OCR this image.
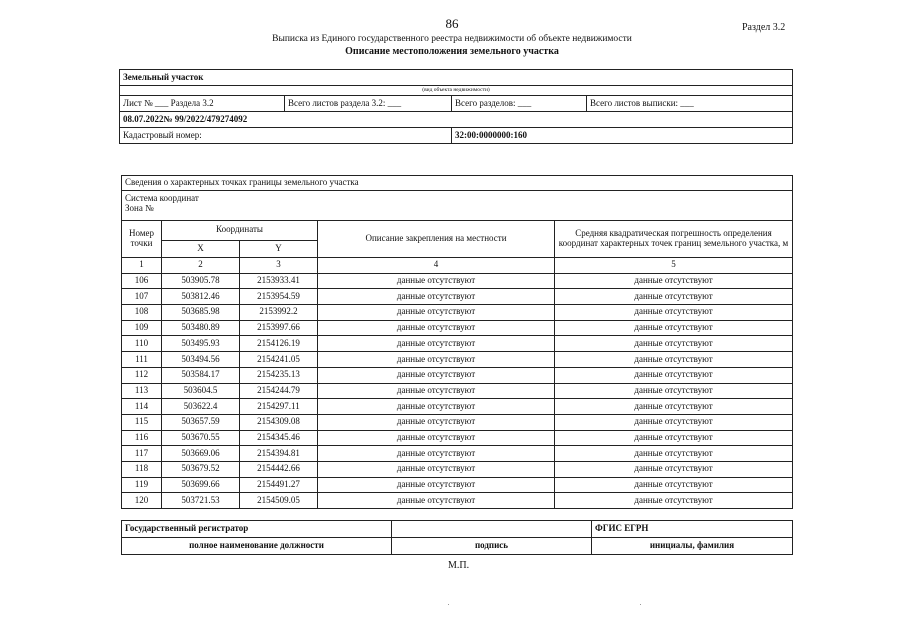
86	Раздел 3.2
Выписка из Единого государственного реестра недвижимости об объекте недвижимости
Описание местоположения земельного участка
Земельный участок			
(вид объекта недвижимости)			
Лист № ___ Раздела 3.2	Всего листов раздела 3.2: ___	Всего разделов: ___	Всего листов выписки: ___
08.07.2022№ 99/2022/479274092			
Кадастровый номер:		32:00:0000000:160	
Сведения о характерных точках границы земельного участка				

Система координат
Зона №				

Номер точки	Координаты		Описание закрепления на местности	Средняя квадратическая погрешность определения координат характерных точек границ земельного участка, м
	X	Y		
1	2	3	4	5
106	503905.78	2153933.41	данные отсутствуют	данные отсутствуют
107	503812.46	2153954.59	данные отсутствуют	данные отсутствуют
108	503685.98	2153992.2	данные отсутствуют	данные отсутствуют
109	503480.89	2153997.66	данные отсутствуют	данные отсутствуют
110	503495.93	2154126.19	данные отсутствуют	данные отсутствуют
111	503494.56	2154241.05	данные отсутствуют	данные отсутствуют
112	503584.17	2154235.13	данные отсутствуют	данные отсутствуют
113	503604.5	2154244.79	данные отсутствуют	данные отсутствуют
114	503622.4	2154297.11	данные отсутствуют	данные отсутствуют
115	503657.59	2154309.08	данные отсутствуют	данные отсутствуют
116	503670.55	2154345.46	данные отсутствуют	данные отсутствуют
117	503669.06	2154394.81	данные отсутствуют	данные отсутствуют
118	503679.52	2154442.66	данные отсутствуют	данные отсутствуют
119	503699.66	2154491.27	данные отсутствуют	данные отсутствуют
120	503721.53	2154509.05	данные отсутствуют	данные отсутствуют
Государственный регистратор		ФГИС ЕГРН
полное наименование должности	подпись	инициалы, фамилия
М.П.
